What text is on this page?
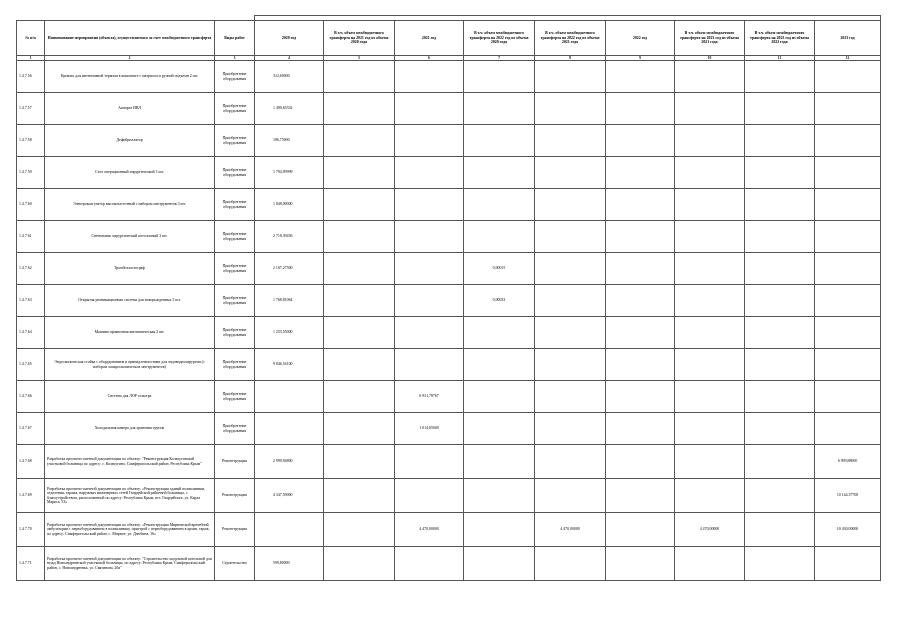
№ п/п	Наименование мероприятия (объекта), осуществляемого за счет межбюджетного трансферта	Виды работ	2020 год	В т.ч. объем межбюджетного трансферта на 2021 год из объема 2020 года	2021 год	В т.ч. объем межбюджетного трансферта на 2022 год из объема 2020 года	В т.ч. объем межбюджетного трансферта на 2022 год из объема 2021 года	2022 год	В т.ч. объем межбюджетного трансферта на 2023 год из объема 2021 года	В т.ч. объем межбюджетного трансферта на 2023 год из объема 2022 года	2023 год
1	2	3	4	5	6	7	8	9	10	11	12
1.4.7.56	Кровать для интенсивной терапии в комплекте с матрасом и ручной подъемн 2 шт.	Приобретение оборудования	312,60000								
1.4.7.57	Аппарат ИВЛ	Приобретение оборудования	1 490,65332								
1.4.7.58	Дефибриллятор	Приобретение оборудования	186,75000								
1.4.7.59	Стол операционный хирургический 3 шт.	Приобретение оборудования	1 794,99999								
1.4.7.60	Электрокоагулятор высокочастотный с набором инструментов 3 шт.	Приобретение оборудования	1 848,00000								
1.4.7.61	Светильник хирургический потолочный 3 шт.	Приобретение оборудования	2 718,39456								
1.4.7.62	Тромбоэластограф	Приобретение оборудования	2 167,27500			0,00015					
1.4.7.63	Открытая реанимационная система для новорожденных 5 шт.	Приобретение оборудования	1 768,81064			0,00033					
1.4.7.64	Машина проявочная автоматическая 2 шт.	Приобретение оборудования	1 253,55000								
1.4.7.65	Эндоскопическая стойка с оборудованием и принадлежностями для эндовидеохирургии (с набором лапароскопических инструментов)	Приобретение оборудования	9 846,54100								
1.4.7.66	Система для ЛОР осмотра	Приобретение оборудования			6 931,78767						
1.4.7.67	Холодильная камера для хранения трупов	Приобретение оборудования			1 014,05000						
1.4.7.68	Разработка проектно-сметной документации по объекту: "Реконструкция Кольчугинской участковой больницы по адресу: с. Кольчугино, Симферопольский район, Республика Крым"	Реконструкция	2 999,94800								6 999,88000
1.4.7.69	Разработка проектно-сметной документации по объекту: «Реконструкция зданий поликлиники, отделения, гаража, наружных инженерных сетей Гвардейской районной больницы, с благоустройством, расположенной по адресу: Республика Крым, пгт. Гвардейское, ул. Карла Маркса, 53»	Реконструкция	4 347,59000								10 144,37700
1.4.7.70	Разработка проектно-сметной документации по объекту: «Реконструкция Мирновской врачебной амбулатории с переоборудованием в поликлинику, пристрой с переоборудованием в архив, гараж, по адресу: Симферопольский район, с. Мирное, ул. Дзюбина, 16»	Реконструкция			4 470,00000		4 470,00000		4 470,00000		10 430,00000
1.4.7.71	Разработка проектно-сметной документации по объекту: "Строительство модульной котельной для нужд Новоандреевской участковой больницы, по адресу: Республика Крым, Симферопольский район, с. Новоандреевка, ул. Святинова, 26а"	Строительство	599,80000								
